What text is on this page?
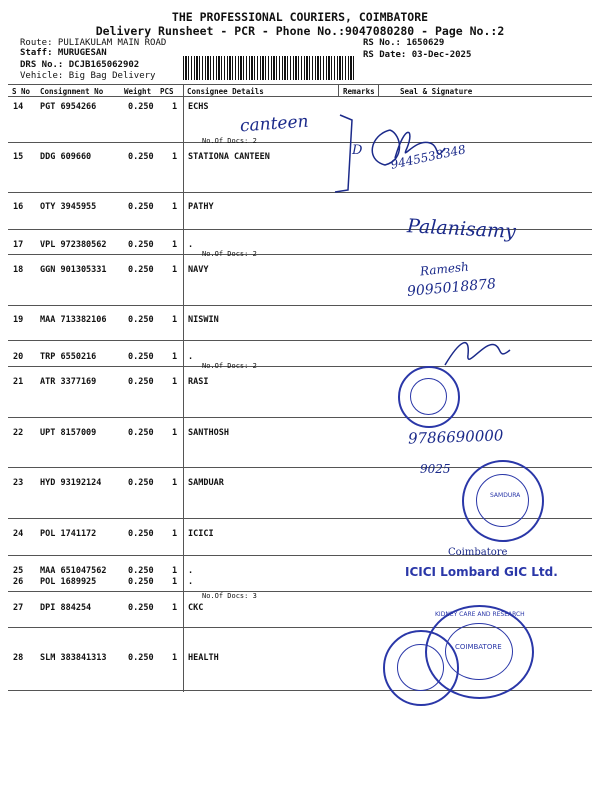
THE PROFESSIONAL COURIERS, COIMBATORE
Delivery Runsheet - PCR - Phone No.:9047080280 - Page No.:2
Route: PULIAKULAM MAIN ROAD
Staff: MURUGESAN
DRS No.: DCJB165062902
Vehicle: Big Bag Delivery
RS No.: 1650629
RS Date: 03-Dec-2025
S No Consignment No	Weight PCS Consignee Details	Remarks	Seal & Signature
14 PGT 6954266	0.250 1 ECHS
No.Of Docs: 2
15 DDG 609660	0.250 1 STATIONA CANTEEN
16 OTY 3945955	0.250 1 PATHY
17 VPL 972380562	0.250 1 .
No.Of Docs: 2
18 GGN 901305331	0.250 1 NAVY
19 MAA 713382106	0.250 1 NISWIN
20 TRP 6550216	0.250 1 .
No.Of Docs: 2
21 ATR 3377169	0.250 1 RASI
22 UPT 8157009	0.250 1 SANTHOSH
23 HYD 93192124	0.250 1 SAMDUAR
24 POL 1741172	0.250 1 ICICI
25 MAA 651047562	0.250 1 .
26 POL 1689925	0.250 1 .
No.Of Docs: 3
27 DPI 884254	0.250 1 CKC
28 SLM 383841313	0.250 1 HEALTH
canteen
D 9445538348
Palanisamy
Ramesh
9095018878
9786690000
9025
Coimbatore
SAMDURA
ICICI Lombard GIC Ltd.
COIMBATORE
KIDNEY CARE AND RESEARCH
